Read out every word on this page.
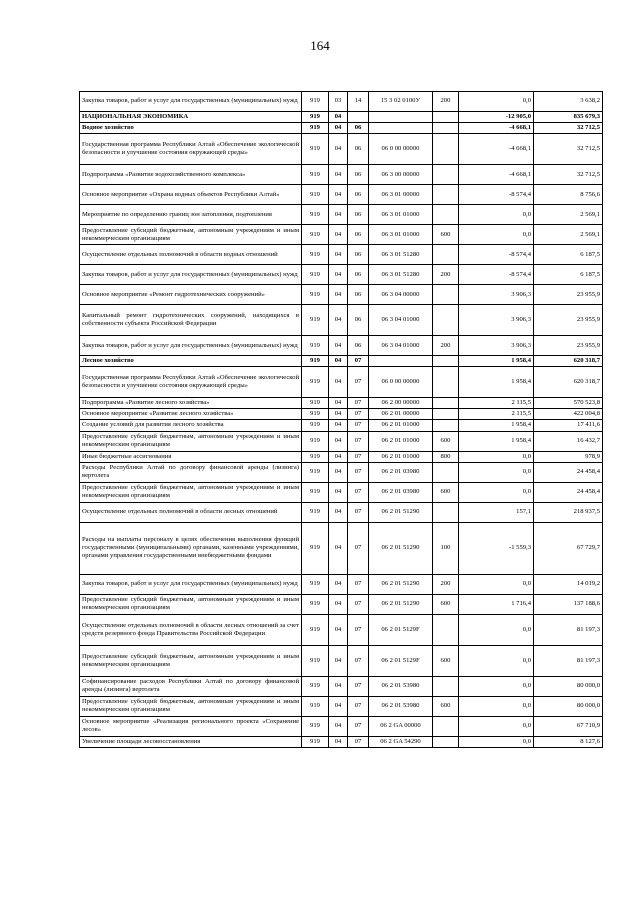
164
Закупка товаров, работ и услуг для государственных (муниципальных) нужд	919	03	14	15 3 02 0100У	200	0,0	3 638,2
НАЦИОНАЛЬНАЯ ЭКОНОМИКА	919	04				-12 905,0	835 679,3
Водное хозяйство	919	04	06			-4 668,1	32 712,5
Государственная программа Республики Алтай «Обеспечение экологической безопасности и улучшение состояния окружающей среды»	919	04	06	06 0 00 00000		-4 668,1	32 712,5
Подпрограмма «Развитие водохозяйственного комплекса»	919	04	06	06 3 00 00000		-4 668,1	32 712,5
Основное мероприятие «Охрана водных объектов Республики Алтай»	919	04	06	06 3 01 00000		-8 574,4	8 756,6
Мероприятие по определению границ зон затопления, подтопления	919	04	06	06 3 01 01000		0,0	2 569,1
Предоставление субсидий бюджетным, автономным учреждениям и иным некоммерческим организациям	919	04	06	06 3 01 01000	600	0,0	2 569,1
Осуществление отдельных полномочий в области водных отношений	919	04	06	06 3 01 51280		-8 574,4	6 187,5
Закупка товаров, работ и услуг для государственных (муниципальных) нужд	919	04	06	06 3 01 51280	200	-8 574,4	6 187,5
Основное мероприятие «Ремонт гидротехнических сооружений»	919	04	06	06 3 04 00000		3 906,3	23 955,9
Капитальный ремонт гидротехнических сооружений, находящихся в собственности субъекта Российской Федерации	919	04	06	06 3 04 01000		3 906,3	23 955,9
Закупка товаров, работ и услуг для государственных (муниципальных) нужд	919	04	06	06 3 04 01000	200	3 906,3	23 955,9
Лесное хозяйство	919	04	07			1 958,4	620 318,7
Государственная программа Республики Алтай «Обеспечение экологической безопасности и улучшение состояния окружающей среды»	919	04	07	06 0 00 00000		1 958,4	620 318,7
Подпрограмма «Развитие лесного хозяйства»	919	04	07	06 2 00 00000		2 115,5	570 523,8
Основное мероприятие «Развитие лесного хозяйства»	919	04	07	06 2 01 00000		2 115,5	422 004,8
Создание условий для развития лесного хозяйства	919	04	07	06 2 01 01000		1 958,4	17 411,6
Предоставление субсидий бюджетным, автономным учреждениям и иным некоммерческим организациям	919	04	07	06 2 01 01000	600	1 958,4	16 432,7
Иные бюджетные ассигнования	919	04	07	06 2 01 01000	800	0,0	978,9
Расходы Республики Алтай по договору финансовой аренды (лизинга) вертолета	919	04	07	06 2 01 03980		0,0	24 458,4
Предоставление субсидий бюджетным, автономным учреждениям и иным некоммерческим организациям	919	04	07	06 2 01 03980	600	0,0	24 458,4
Осуществление отдельных полномочий в области лесных отношений	919	04	07	06 2 01 51290		157,1	218 937,5
Расходы на выплаты персоналу в целях обеспечения выполнения функций государственными (муниципальными) органами, казенными учреждениями, органами управления государственными внебюджетными фондами	919	04	07	06 2 01 51290	100	-1 559,3	67 729,7
Закупка товаров, работ и услуг для государственных (муниципальных) нужд	919	04	07	06 2 01 51290	200	0,0	14 019,2
Предоставление субсидий бюджетным, автономным учреждениям и иным некоммерческим организациям	919	04	07	06 2 01 51290	600	1 716,4	137 188,6
Осуществление отдельных полномочий в области лесных отношений за счет средств резервного фонда Правительства Российской Федерации	919	04	07	06 2 01 5129F		0,0	81 197,3
Предоставление субсидий бюджетным, автономным учреждениям и иным некоммерческим организациям	919	04	07	06 2 01 5129F	600	0,0	81 197,3
Софинансирование расходов Республики Алтай по договору финансовой аренды (лизинга) вертолета	919	04	07	06 2 01 53980		0,0	80 000,0
Предоставление субсидий бюджетным, автономным учреждениям и иным некоммерческим организациям	919	04	07	06 2 01 53980	600	0,0	80 000,0
Основное мероприятие «Реализация регионального проекта «Сохранение лесов»	919	04	07	06 2 GA 00000		0,0	67 710,9
Увеличение площади лесовосстановления	919	04	07	06 2 GA 54290		0,0	8 127,6
